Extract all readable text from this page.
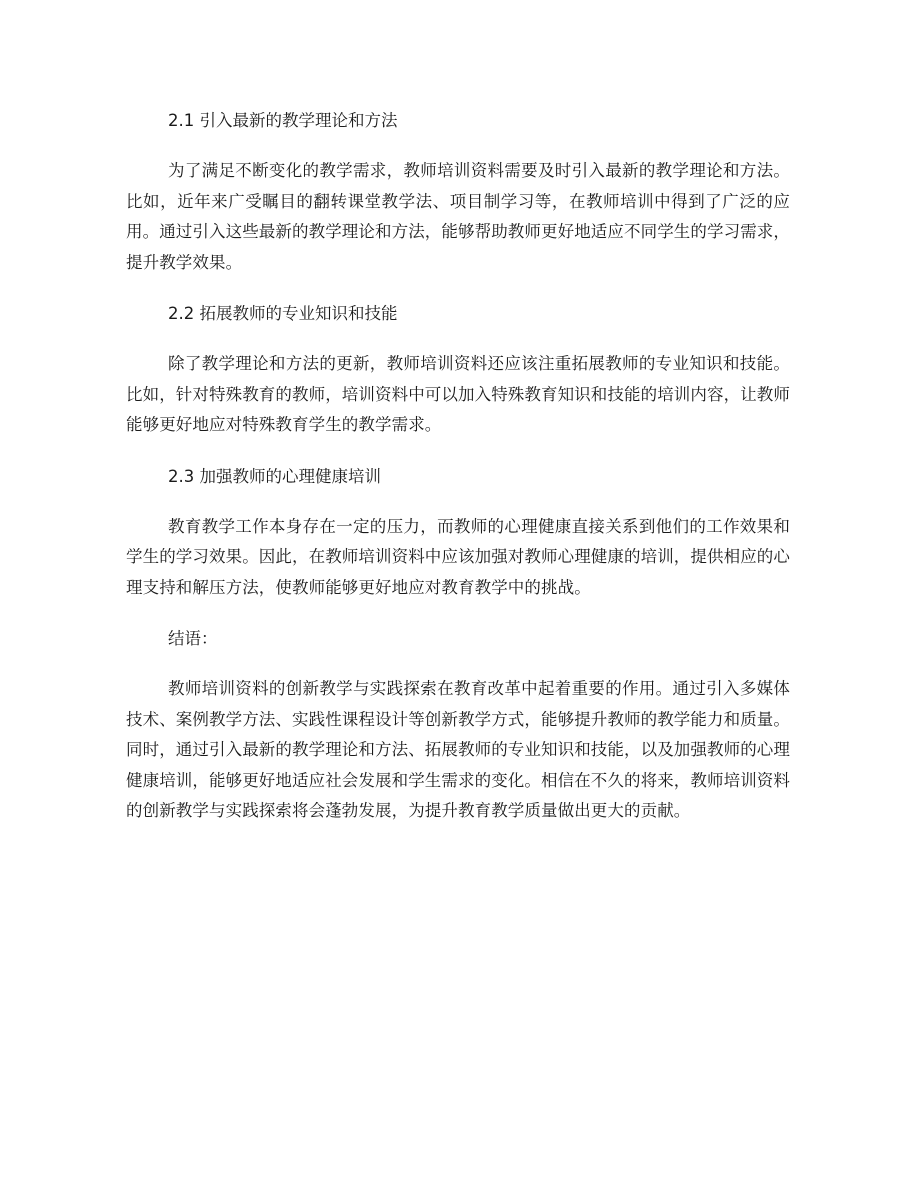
2.1 引入最新的教学理论和方法

为了满足不断变化的教学需求，教师培训资料需要及时引入最新的教学理论和方法。比如，近年来广受瞩目的翻转课堂教学法、项目制学习等，在教师培训中得到了广泛的应用。通过引入这些最新的教学理论和方法，能够帮助教师更好地适应不同学生的学习需求，提升教学效果。

2.2 拓展教师的专业知识和技能

除了教学理论和方法的更新，教师培训资料还应该注重拓展教师的专业知识和技能。比如，针对特殊教育的教师，培训资料中可以加入特殊教育知识和技能的培训内容，让教师能够更好地应对特殊教育学生的教学需求。

2.3 加强教师的心理健康培训

教育教学工作本身存在一定的压力，而教师的心理健康直接关系到他们的工作效果和学生的学习效果。因此，在教师培训资料中应该加强对教师心理健康的培训，提供相应的心理支持和解压方法，使教师能够更好地应对教育教学中的挑战。

结语：

教师培训资料的创新教学与实践探索在教育改革中起着重要的作用。通过引入多媒体技术、案例教学方法、实践性课程设计等创新教学方式，能够提升教师的教学能力和质量。同时，通过引入最新的教学理论和方法、拓展教师的专业知识和技能，以及加强教师的心理健康培训，能够更好地适应社会发展和学生需求的变化。相信在不久的将来，教师培训资料的创新教学与实践探索将会蓬勃发展，为提升教育教学质量做出更大的贡献。
